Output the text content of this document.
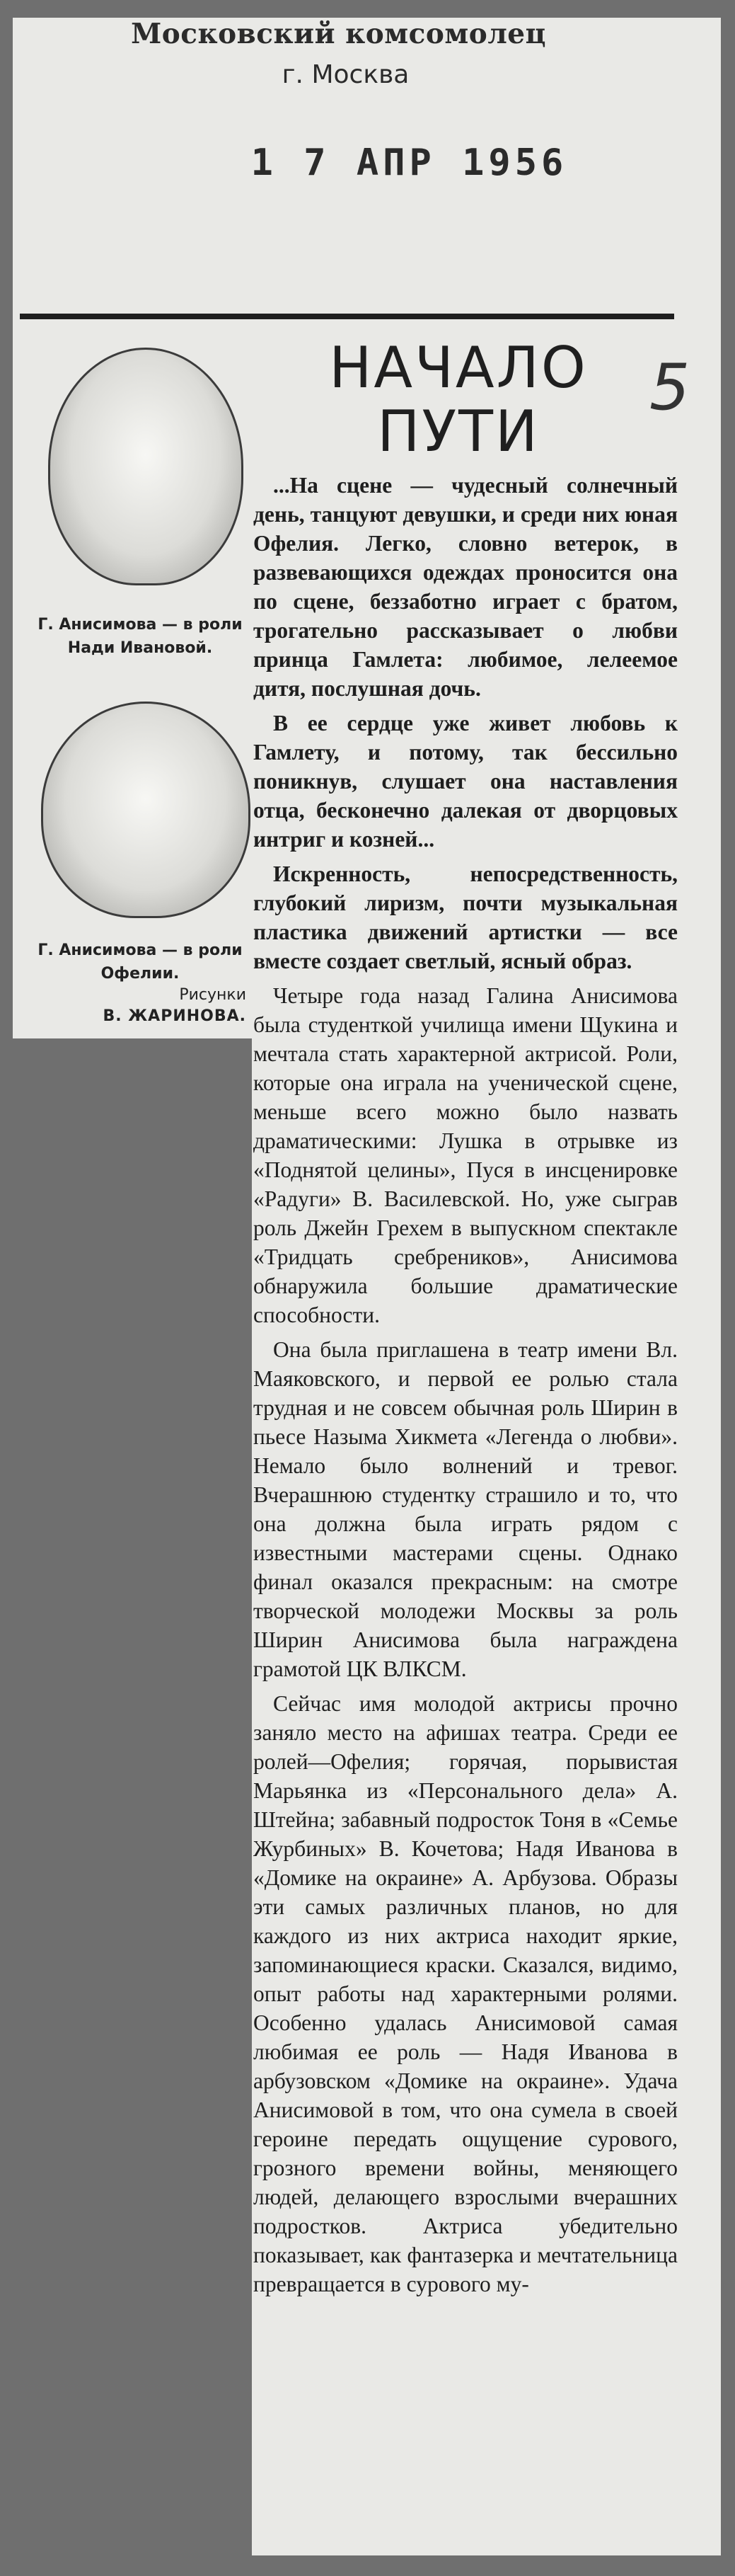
Московский комсомолец
г. Москва
1 7 АПР 1956
Г. Анисимова — в роли Нади Ивановой.
Г. Анисимова — в роли Офелии.
Рисунки
В. ЖАРИНОВА.
НАЧАЛО
ПУТИ
5

...На сцене — чудесный солнечный день, танцуют девушки, и среди них юная Офелия. Легко, словно ветерок, в развевающихся одеждах проносится она по сцене, беззаботно играет с братом, трогательно рассказывает о любви принца Гамлета: любимое, лелеемое дитя, послушная дочь.

В ее сердце уже живет любовь к Гамлету, и потому, так бессильно поникнув, слушает она наставления отца, бесконечно далекая от дворцовых интриг и козней...

Искренность, непосредственность, глубокий лиризм, почти музыкальная пластика движений артистки — все вместе создает светлый, ясный образ.

Четыре года назад Галина Анисимова была студенткой училища имени Щукина и мечтала стать характерной актрисой. Роли, которые она играла на ученической сцене, меньше всего можно было назвать драматическими: Лушка в отрывке из «Поднятой целины», Пуся в инсценировке «Радуги» В. Василевской. Но, уже сыграв роль Джейн Грехем в выпускном спектакле «Тридцать сребреников», Анисимова обнаружила большие драматические способности.

Она была приглашена в театр имени Вл. Маяковского, и первой ее ролью стала трудная и не совсем обычная роль Ширин в пьесе Назыма Хикмета «Легенда о любви». Немало было волнений и тревог. Вчерашнюю студентку страшило и то, что она должна была играть рядом с известными мастерами сцены. Однако финал оказался прекрасным: на смотре творческой молодежи Москвы за роль Ширин Анисимова была награждена грамотой ЦК ВЛКСМ.

Сейчас имя молодой актрисы прочно заняло место на афишах театра. Среди ее ролей—Офелия; горячая, порывистая Марьянка из «Персонального дела» А. Штейна; забавный подросток Тоня в «Семье Журбиных» В. Кочетова; Надя Иванова в «Домике на окраине» А. Арбузова. Образы эти самых различных планов, но для каждого из них актриса находит яркие, запоминающиеся краски. Сказался, видимо, опыт работы над характерными ролями. Особенно удалась Анисимовой самая любимая ее роль — Надя Иванова в арбузовском «Домике на окраине». Удача Анисимовой в том, что она сумела в своей героине передать ощущение сурового, грозного времени войны, меняющего людей, делающего взрослыми вчерашних подростков. Актриса убедительно показывает, как фантазерка и мечтательница превращается в сурового му-
